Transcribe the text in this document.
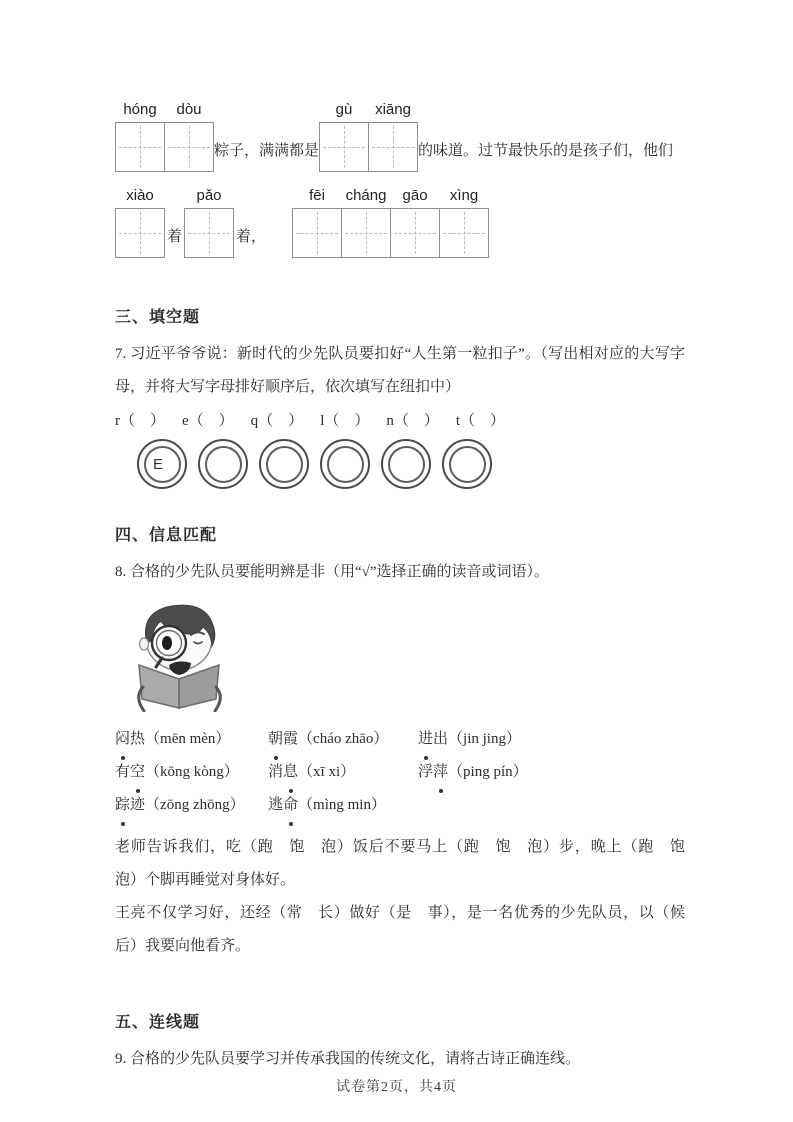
hóng dòu
粽子，满满都是
gù xiāng
的味道。过节最快乐的是孩子们，他们
xiào
着
pǎo
着，
fēi cháng gāo xìng
三、填空题

7. 习近平爷爷说：新时代的少先队员要扣好“人生第一粒扣子”。（写出相对应的大写字母，并将大写字母排好顺序后，依次填写在纽扣中）

r（　） e（　） q（　） l（　） n（　） t（　）
E
四、信息匹配

8. 合格的少先队员要能明辨是非（用“√”选择正确的读音或词语）。

闷热（mēn mèn）	朝霞（cháo zhāo）	进出（jin jing）
有空（kōng kòng）	消息（xī xi）	浮萍（ping pín）
踪迹（zōng zhōng）	逃命（mìng min）

老师告诉我们，吃（跑　饱　泡）饭后不要马上（跑　饱　泡）步，晚上（跑　饱　泡）个脚再睡觉对身体好。

王亮不仅学习好，还经（常　长）做好（是　事），是一名优秀的少先队员，以（候　后）我要向他看齐。

五、连线题

9. 合格的少先队员要学习并传承我国的传统文化，请将古诗正确连线。

试卷第2页，共4页
